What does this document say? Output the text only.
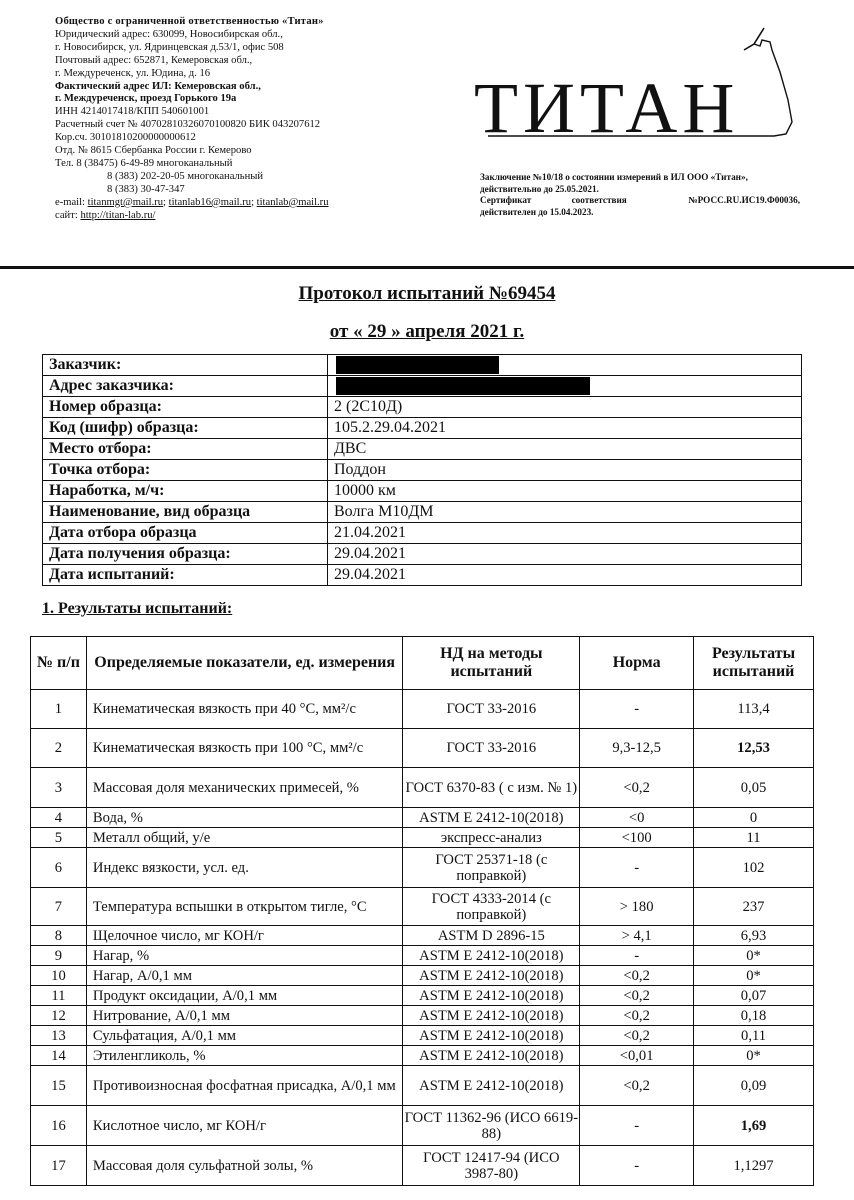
Общество с ограниченной ответственностью «Титан»
Юридический адрес: 630099, Новосибирская обл.,
г. Новосибирск, ул. Ядринцевская д.53/1, офис 508
Почтовый адрес: 652871, Кемеровская обл.,
г. Междуреченск, ул. Юдина, д. 16
Фактический адрес ИЛ: Кемеровская обл.,
г. Междуреченск, проезд Горького 19а
ИНН 4214017418/КПП 540601001
Расчетный счет № 40702810326070100820 БИК 043207612
Кор.сч. 30101810200000000612
Отд. № 8615 Сбербанка России г. Кемерово
Тел. 8 (38475) 6-49-89 многоканальный
8 (383) 202-20-05 многоканальный
8 (383) 30-47-347
e-mail: titanmgt@mail.ru; titanlab16@mail.ru; titanlab@mail.ru
сайт: http://titan-lab.ru/
ТИТАН
Заключение №10/18 о состоянии измерений в ИЛ ООО «Титан»,
действительно до 25.05.2021.
Сертификат соответствия	№РОСС.RU.ИС19.Ф00036,
действителен до 15.04.2023.
Протокол испытаний №69454
от « 29 » апреля 2021 г.
Заказчик:	
Адрес заказчика:	
Номер образца:	2 (2С10Д)
Код (шифр) образца:	105.2.29.04.2021
Место отбора:	ДВС
Точка отбора:	Поддон
Наработка, м/ч:	10000 км
Наименование, вид образца	Волга М10ДМ
Дата отбора образца	21.04.2021
Дата получения образца:	29.04.2021
Дата испытаний:	29.04.2021
1. Результаты испытаний:
№ п/п	Определяемые показатели, ед. измерения	НД на методы испытаний	Норма	Результаты испытаний
1	Кинематическая вязкость при 40 °С, мм²/с	ГОСТ 33-2016	-	113,4
2	Кинематическая вязкость при 100 °С, мм²/с	ГОСТ 33-2016	9,3-12,5	12,53
3	Массовая доля механических примесей, %	ГОСТ 6370-83 ( с изм. № 1)	<0,2	0,05
4	Вода, %	ASTM E 2412-10(2018)	<0	0
5	Металл общий, у/е	экспресс-анализ	<100	11
6	Индекс вязкости, усл. ед.	ГОСТ 25371-18 (с поправкой)	-	102
7	Температура вспышки в открытом тигле, °С	ГОСТ 4333-2014 (с поправкой)	> 180	237
8	Щелочное число, мг КОН/г	ASTM D 2896-15	> 4,1	6,93
9	Нагар, %	ASTM E 2412-10(2018)	-	0*
10	Нагар, A/0,1 мм	ASTM E 2412-10(2018)	<0,2	0*
11	Продукт оксидации, A/0,1 мм	ASTM E 2412-10(2018)	<0,2	0,07
12	Нитрование, A/0,1 мм	ASTM E 2412-10(2018)	<0,2	0,18
13	Сульфатация, A/0,1 мм	ASTM E 2412-10(2018)	<0,2	0,11
14	Этиленгликоль, %	ASTM E 2412-10(2018)	<0,01	0*
15	Противоизносная фосфатная присадка, A/0,1 мм	ASTM E 2412-10(2018)	<0,2	0,09
16	Кислотное число, мг КОН/г	ГОСТ 11362-96 (ИСО 6619-88)	-	1,69
17	Массовая доля сульфатной золы, %	ГОСТ 12417-94 (ИСО 3987-80)	-	1,1297
